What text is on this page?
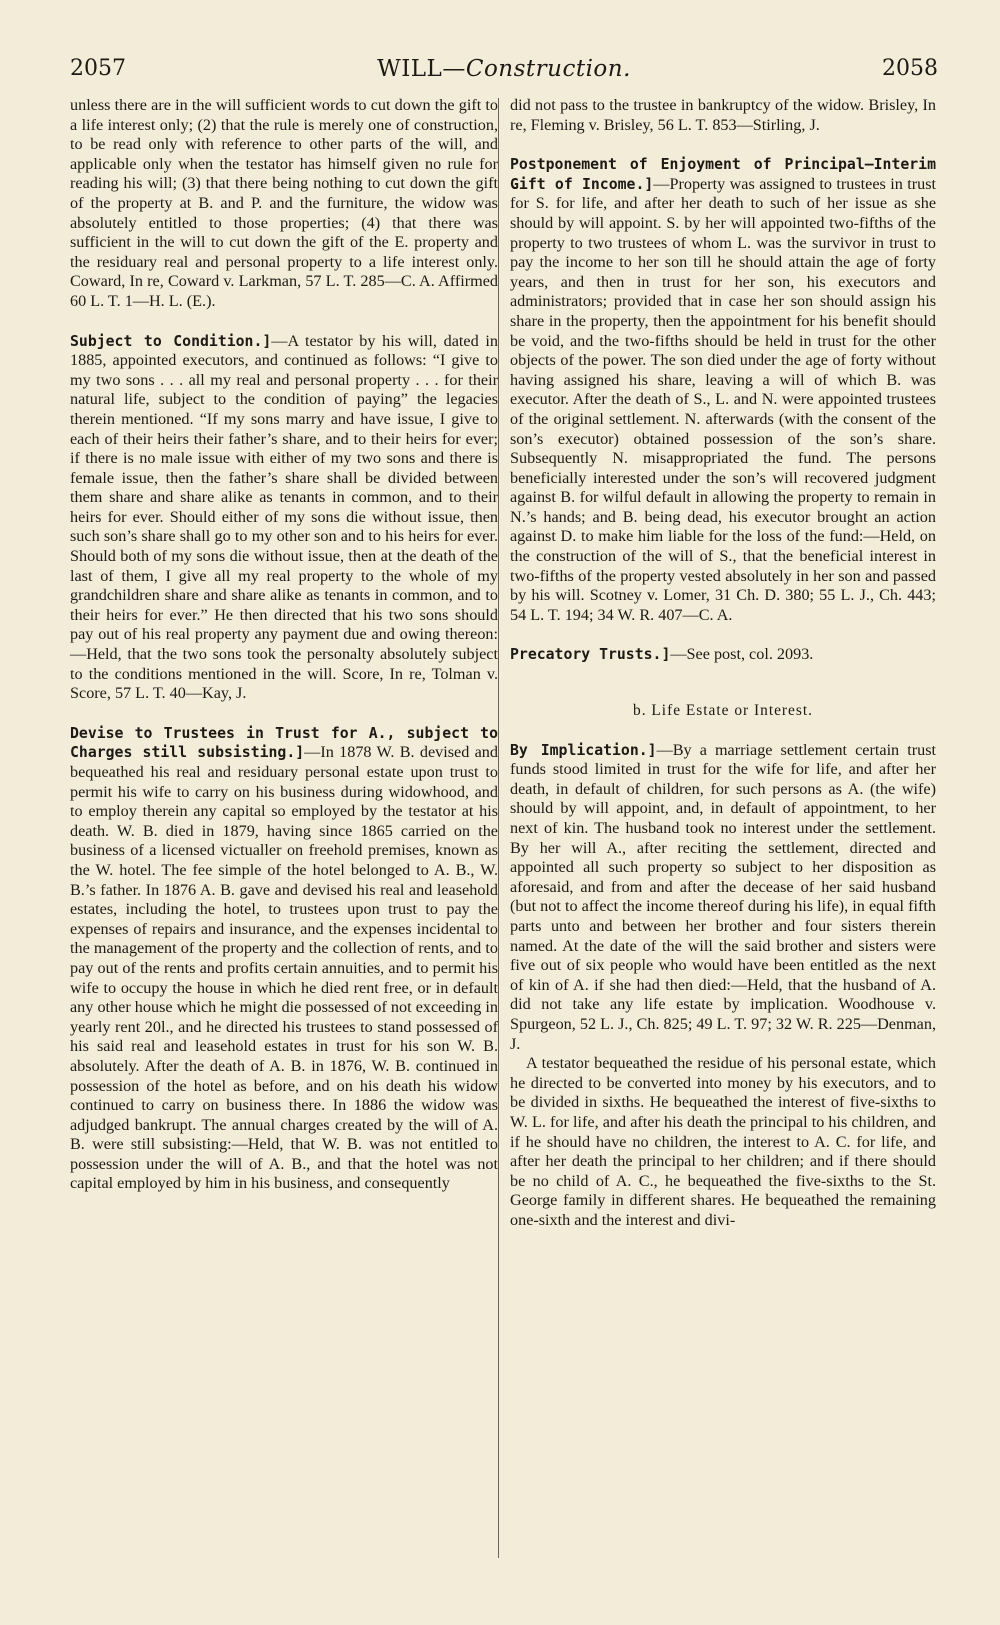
2057	WILL—Construction.	2058

unless there are in the will sufficient words to cut down the gift to a life interest only; (2) that the rule is merely one of construction, to be read only with reference to other parts of the will, and applicable only when the testator has himself given no rule for reading his will; (3) that there being nothing to cut down the gift of the property at B. and P. and the furniture, the widow was absolutely entitled to those properties; (4) that there was sufficient in the will to cut down the gift of the E. property and the residuary real and personal property to a life interest only. Coward, In re, Coward v. Larkman, 57 L. T. 285—C. A. Affirmed 60 L. T. 1—H. L. (E.).

Subject to Condition.]—A testator by his will, dated in 1885, appointed executors, and continued as follows: “I give to my two sons . . . all my real and personal property . . . for their natural life, subject to the condition of paying” the legacies therein mentioned. “If my sons marry and have issue, I give to each of their heirs their father’s share, and to their heirs for ever; if there is no male issue with either of my two sons and there is female issue, then the father’s share shall be divided between them share and share alike as tenants in common, and to their heirs for ever. Should either of my sons die without issue, then such son’s share shall go to my other son and to his heirs for ever. Should both of my sons die without issue, then at the death of the last of them, I give all my real property to the whole of my grandchildren share and share alike as tenants in common, and to their heirs for ever.” He then directed that his two sons should pay out of his real property any payment due and owing thereon:—Held, that the two sons took the personalty absolutely subject to the conditions mentioned in the will. Score, In re, Tolman v. Score, 57 L. T. 40—Kay, J.

Devise to Trustees in Trust for A., subject to Charges still subsisting.]—In 1878 W. B. devised and bequeathed his real and residuary personal estate upon trust to permit his wife to carry on his business during widowhood, and to employ therein any capital so employed by the testator at his death. W. B. died in 1879, having since 1865 carried on the business of a licensed victualler on freehold premises, known as the W. hotel. The fee simple of the hotel belonged to A. B., W. B.’s father. In 1876 A. B. gave and devised his real and leasehold estates, including the hotel, to trustees upon trust to pay the expenses of repairs and insurance, and the expenses incidental to the management of the property and the collection of rents, and to pay out of the rents and profits certain annuities, and to permit his wife to occupy the house in which he died rent free, or in default any other house which he might die possessed of not exceeding in yearly rent 20l., and he directed his trustees to stand possessed of his said real and leasehold estates in trust for his son W. B. absolutely. After the death of A. B. in 1876, W. B. continued in possession of the hotel as before, and on his death his widow continued to carry on business there. In 1886 the widow was adjudged bankrupt. The annual charges created by the will of A. B. were still subsisting:—Held, that W. B. was not entitled to possession under the will of A. B., and that the hotel was not capital employed by him in his business, and consequently

did not pass to the trustee in bankruptcy of the widow. Brisley, In re, Fleming v. Brisley, 56 L. T. 853—Stirling, J.

Postponement of Enjoyment of Principal—Interim Gift of Income.]—Property was assigned to trustees in trust for S. for life, and after her death to such of her issue as she should by will appoint. S. by her will appointed two-fifths of the property to two trustees of whom L. was the survivor in trust to pay the income to her son till he should attain the age of forty years, and then in trust for her son, his executors and administrators; provided that in case her son should assign his share in the property, then the appointment for his benefit should be void, and the two-fifths should be held in trust for the other objects of the power. The son died under the age of forty without having assigned his share, leaving a will of which B. was executor. After the death of S., L. and N. were appointed trustees of the original settlement. N. afterwards (with the consent of the son’s executor) obtained possession of the son’s share. Subsequently N. misappropriated the fund. The persons beneficially interested under the son’s will recovered judgment against B. for wilful default in allowing the property to remain in N.’s hands; and B. being dead, his executor brought an action against D. to make him liable for the loss of the fund:—Held, on the construction of the will of S., that the beneficial interest in two-fifths of the property vested absolutely in her son and passed by his will. Scotney v. Lomer, 31 Ch. D. 380; 55 L. J., Ch. 443; 54 L. T. 194; 34 W. R. 407—C. A.

Precatory Trusts.]—See post, col. 2093.

b. Life Estate or Interest.

By Implication.]—By a marriage settlement certain trust funds stood limited in trust for the wife for life, and after her death, in default of children, for such persons as A. (the wife) should by will appoint, and, in default of appointment, to her next of kin. The husband took no interest under the settlement. By her will A., after reciting the settlement, directed and appointed all such property so subject to her disposition as aforesaid, and from and after the decease of her said husband (but not to affect the income thereof during his life), in equal fifth parts unto and between her brother and four sisters therein named. At the date of the will the said brother and sisters were five out of six people who would have been entitled as the next of kin of A. if she had then died:—Held, that the husband of A. did not take any life estate by implication. Woodhouse v. Spurgeon, 52 L. J., Ch. 825; 49 L. T. 97; 32 W. R. 225—Denman, J.

A testator bequeathed the residue of his personal estate, which he directed to be converted into money by his executors, and to be divided in sixths. He bequeathed the interest of five-sixths to W. L. for life, and after his death the principal to his children, and if he should have no children, the interest to A. C. for life, and after her death the principal to her children; and if there should be no child of A. C., he bequeathed the five-sixths to the St. George family in different shares. He bequeathed the remaining one-sixth and the interest and divi-
